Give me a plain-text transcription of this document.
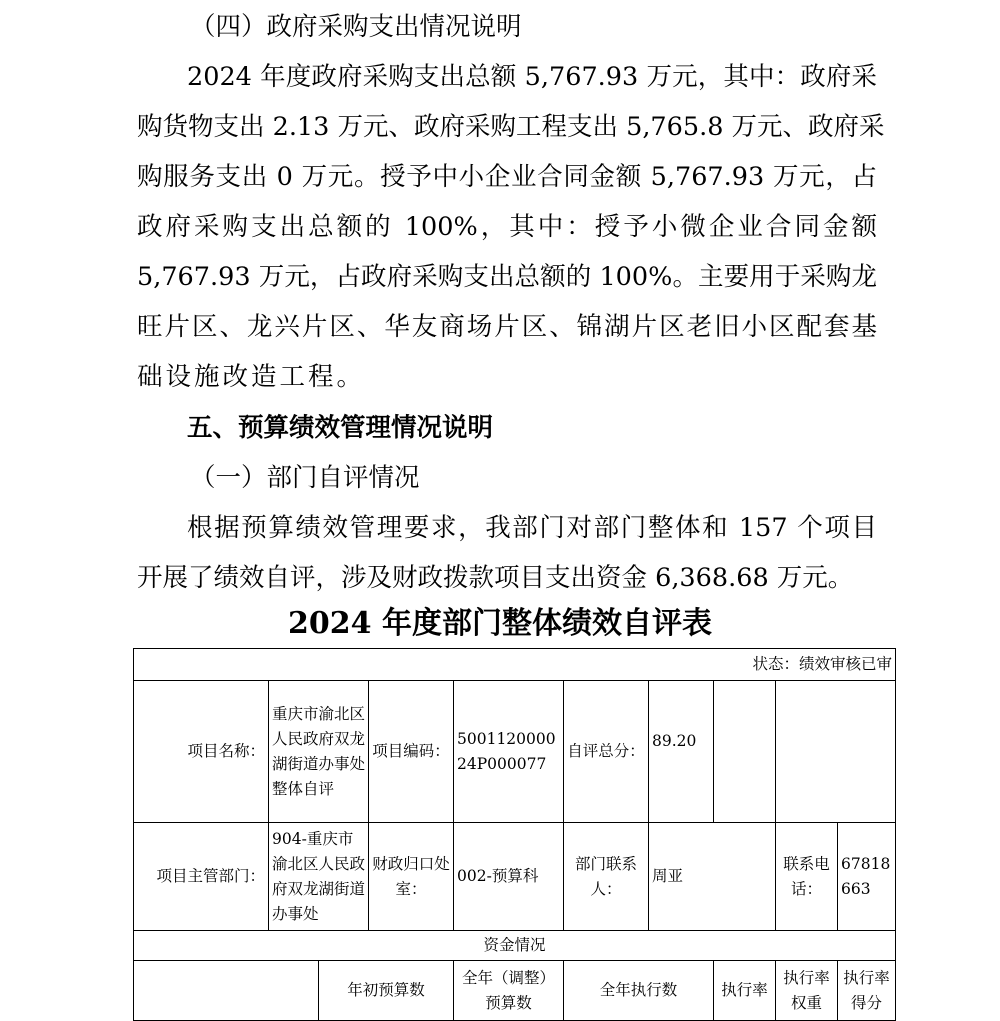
（四）政府采购支出情况说明
2024 年度政府采购支出总额 5,767.93 万元，其中：政府采
购货物支出 2.13 万元、政府采购工程支出 5,765.8 万元、政府采
购服务支出 0 万元。授予中小企业合同金额 5,767.93 万元，占
政府采购支出总额的 100%，其中：授予小微企业合同金额
5,767.93 万元，占政府采购支出总额的 100%。主要用于采购龙
旺片区、龙兴片区、华友商场片区、锦湖片区老旧小区配套基
础设施改造工程。
五、预算绩效管理情况说明
（一）部门自评情况
根据预算绩效管理要求，我部门对部门整体和 157 个项目
开展了绩效自评，涉及财政拨款项目支出资金 6,368.68 万元。
2024 年度部门整体绩效自评表
状态：绩效审核已审									
项目名称：	重庆市渝北区人民政府双龙湖街道办事处整体自评		项目编码：	500112000024P000077	自评总分：	89.20			
项目主管部门：	904-重庆市渝北区人民政府双龙湖街道办事处		财政归口处室：	002-预算科	部门联系人：	周亚		联系电话：	67818663
资金情况									
		年初预算数		全年（调整）预算数	全年执行数		执行率	执行率权重	执行率得分
